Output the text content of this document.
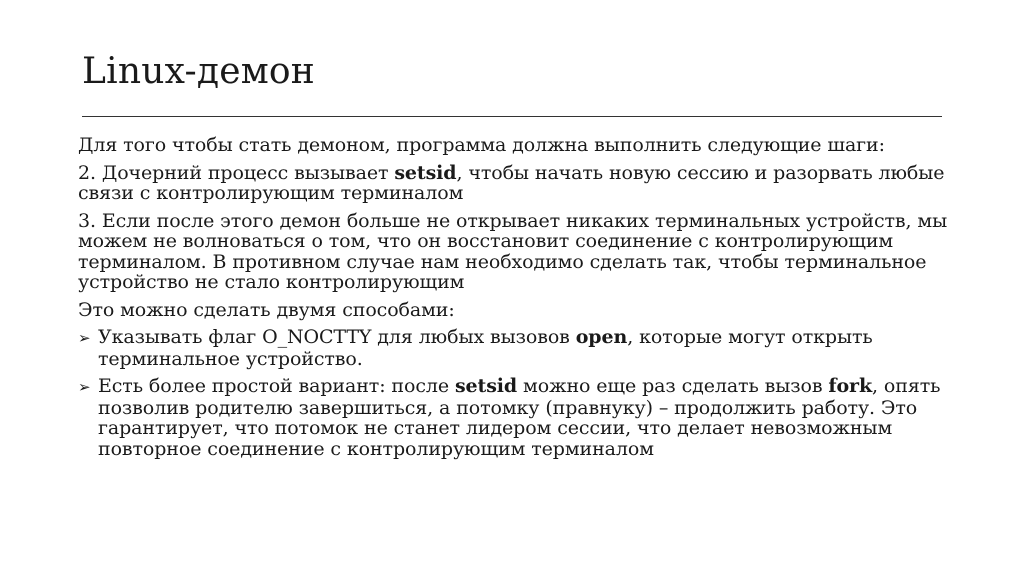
Linux-демон

Для того чтобы стать демоном, программа должна выполнить следующие шаги:

2. Дочерний процесс вызывает setsid, чтобы начать новую сессию и разорвать любые связи с контролирующим терминалом

3. Если после этого демон больше не открывает никаких терминальных устройств, мы можем не волноваться о том, что он восстановит соединение с контролирующим терминалом. В противном случае нам необходимо сделать так, чтобы терминальное устройство не стало контролирующим

Это можно сделать двумя способами:

➢ Указывать флаг O_NOCTTY для любых вызовов open, которые могут открыть терминальное устройство.

➢ Есть более простой вариант: после setsid можно еще раз сделать вызов fork, опять позволив родителю завершиться, а потомку (правнуку) – продолжить работу. Это гарантирует, что потомок не станет лидером сессии, что делает невозможным повторное соединение с контролирующим терминалом
